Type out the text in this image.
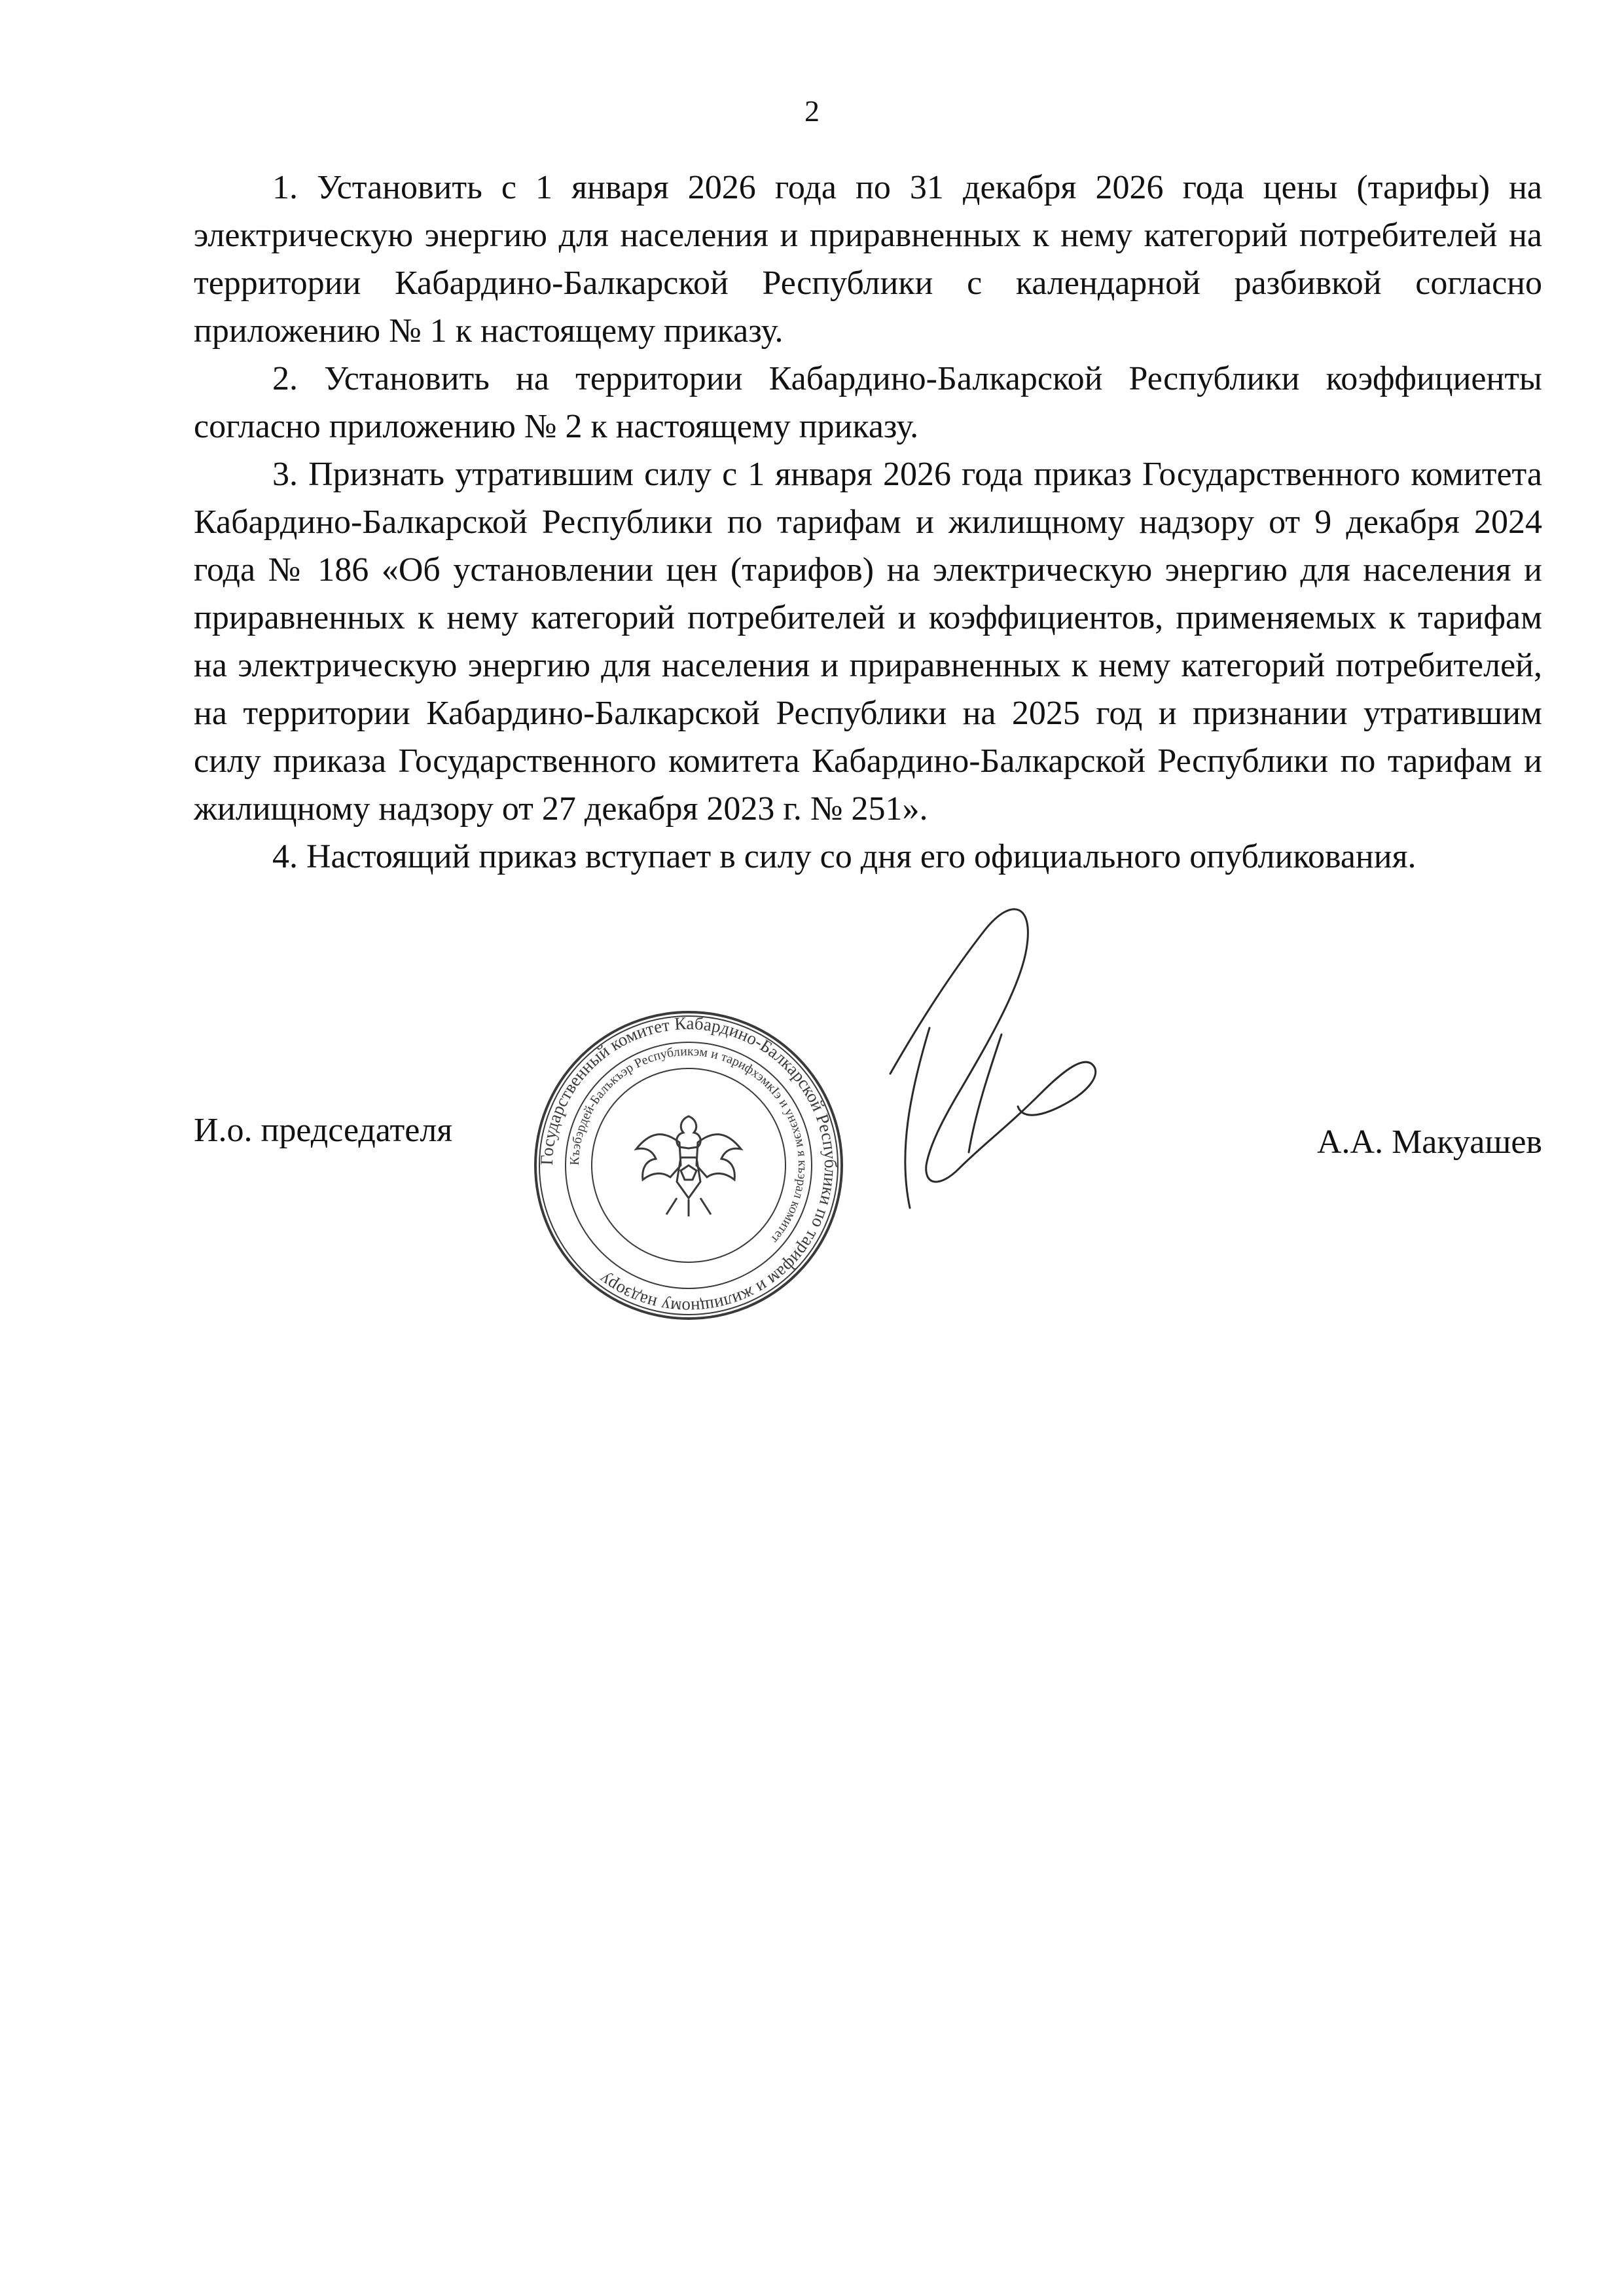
2

1. Установить с 1 января 2026 года по 31 декабря 2026 года цены (тарифы) на электрическую энергию для населения и приравненных к нему категорий потребителей на территории Кабардино-Балкарской Республики с календарной разбивкой согласно приложению № 1 к настоящему приказу.

2. Установить на территории Кабардино-Балкарской Республики коэффициенты согласно приложению № 2 к настоящему приказу.

3. Признать утратившим силу с 1 января 2026 года приказ Государственного комитета Кабардино-Балкарской Республики по тарифам и жилищному надзору от 9 декабря 2024 года № 186 «Об установлении цен (тарифов) на электрическую энергию для населения и приравненных к нему категорий потребителей и коэффициентов, применяемых к тарифам на электрическую энергию для населения и приравненных к нему категорий потребителей, на территории Кабардино-Балкарской Республики на 2025 год и признании утратившим силу приказа Государственного комитета Кабардино-Балкарской Республики по тарифам и жилищному надзору от 27 декабря 2023 г. № 251».

4. Настоящий приказ вступает в силу со дня его официального опубликования.

И.о. председателя	А.А. Макуашев
Государственный комитет Кабардино-Балкарской Республики по тарифам и жилищному надзору
Къэбэрдей-Балъкъэр Республикэм и тарифхэмкIэ и унэхэм я къэрал комитет
